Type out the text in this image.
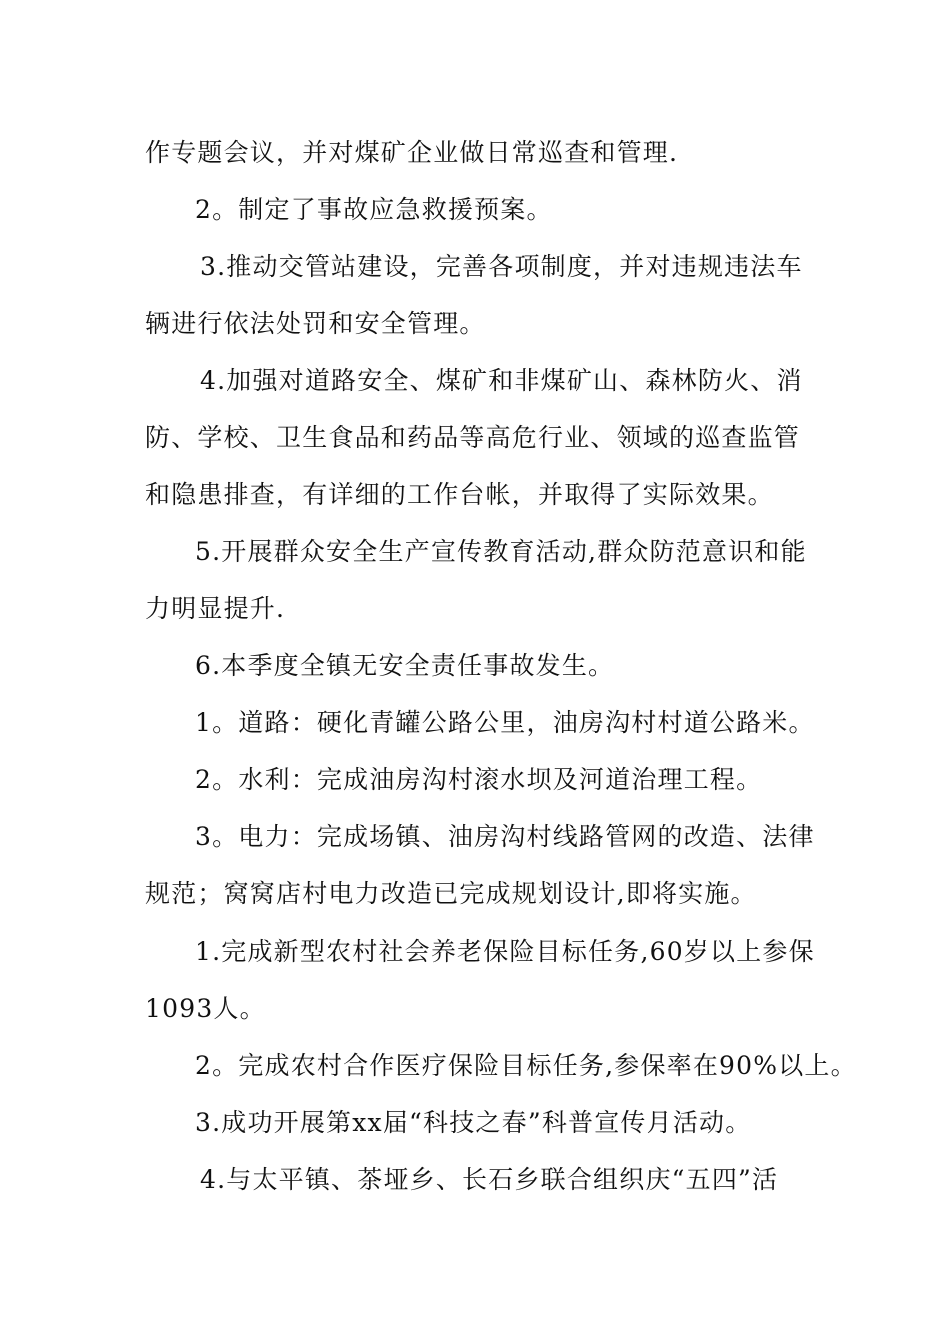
作专题会议，并对煤矿企业做日常巡查和管理.
2。制定了事故应急救援预案。
3.推动交管站建设，完善各项制度，并对违规违法车
辆进行依法处罚和安全管理。
4.加强对道路安全、煤矿和非煤矿山、森林防火、消
防、学校、卫生食品和药品等高危行业、领域的巡查监管
和隐患排查，有详细的工作台帐，并取得了实际效果。
5.开展群众安全生产宣传教育活动,群众防范意识和能
力明显提升.
6.本季度全镇无安全责任事故发生。
1。道路：硬化青罐公路公里，油房沟村村道公路米。
2。水利：完成油房沟村滚水坝及河道治理工程。
3。电力：完成场镇、油房沟村线路管网的改造、法律
规范；窝窝店村电力改造已完成规划设计,即将实施。
1.完成新型农村社会养老保险目标任务,60岁以上参保
1093人。
2。完成农村合作医疗保险目标任务,参保率在90%以上。
3.成功开展第xx届“科技之春”科普宣传月活动。
4.与太平镇、茶垭乡、长石乡联合组织庆“五四”活
